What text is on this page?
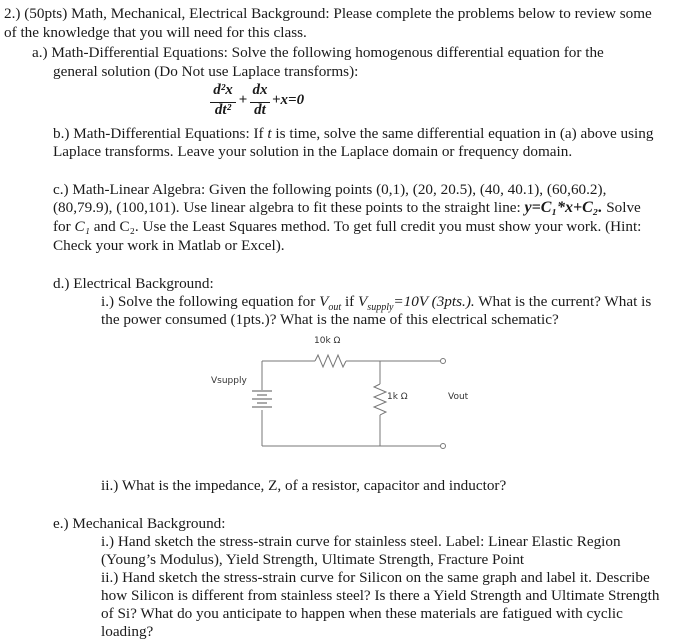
2.) (50pts) Math, Mechanical, Electrical Background: Please complete the problems below to review some
of the knowledge that you will need for this class.
a.) Math-Differential Equations: Solve the following homogenous differential equation for the
general solution (Do Not use Laplace transforms):
d²x
dt²
+
dx
dt
+x=0
b.) Math-Differential Equations: If t is time, solve the same differential equation in (a) above using
Laplace transforms. Leave your solution in the Laplace domain or frequency domain.
c.) Math-Linear Algebra: Given the following points (0,1), (20, 20.5), (40, 40.1), (60,60.2),
(80,79.9), (100,101). Use linear algebra to fit these points to the straight line: y=C₁*x+C₂. Solve
for C₁ and C₂. Use the Least Squares method. To get full credit you must show your work. (Hint:
Check your work in Matlab or Excel).
d.) Electrical Background:
i.) Solve the following equation for $V_{out}$ if $V_{supply}=10V$ (3pts.). What is the current? What is
the power consumed (1pts.)? What is the name of this electrical schematic?
10k Ω
Vsupply
1k Ω	Vout
ii.) What is the impedance, Z, of a resistor, capacitor and inductor?
e.) Mechanical Background:
i.) Hand sketch the stress-strain curve for stainless steel. Label: Linear Elastic Region
(Young’s Modulus), Yield Strength, Ultimate Strength, Fracture Point
ii.) Hand sketch the stress-strain curve for Silicon on the same graph and label it. Describe
how Silicon is different from stainless steel? Is there a Yield Strength and Ultimate Strength
of Si? What do you anticipate to happen when these materials are fatigued with cyclic
loading?
